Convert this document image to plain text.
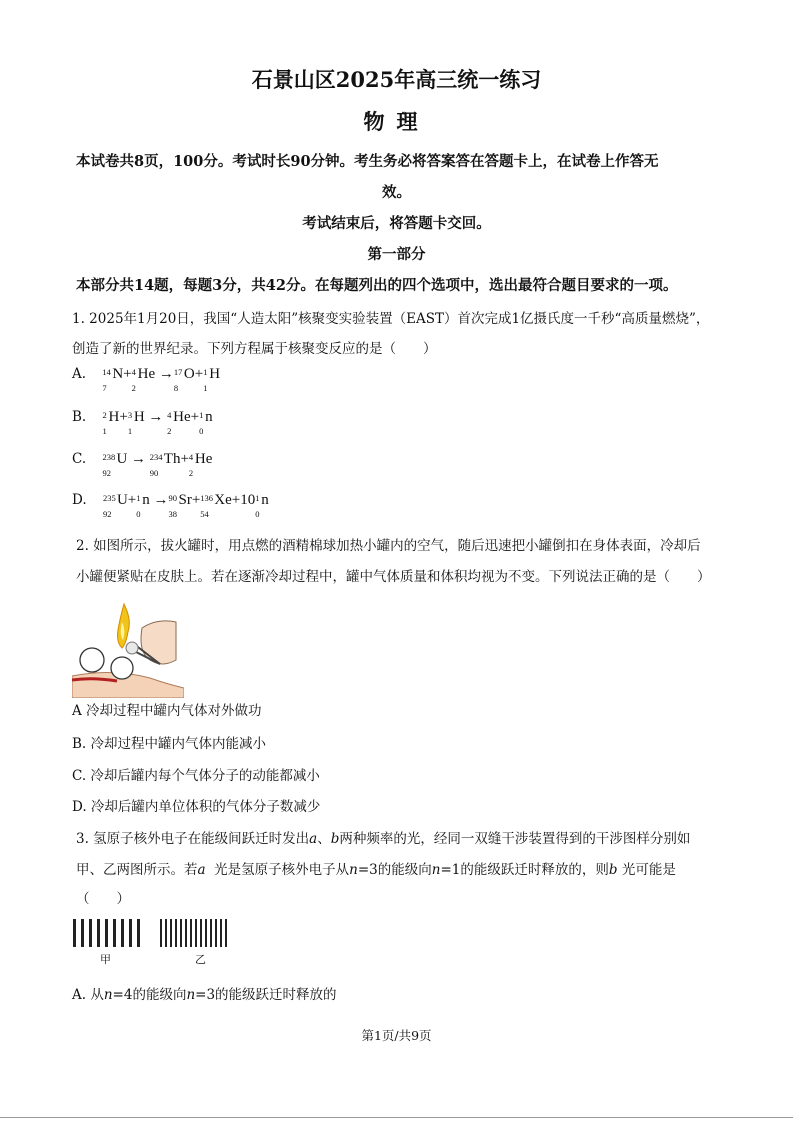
石景山区2025年高三统一练习
物理
本试卷共8页，100分。考试时长90分钟。考生务必将答案答在答题卡上，在试卷上作答无
效。
考试结束后，将答题卡交回。
第一部分
本部分共14题，每题3分，共42分。在每题列出的四个选项中，选出最符合题目要求的一项。
1. 2025年1月20日，我国“人造太阳”核聚变实验装置（EAST）首次完成1亿摄氏度一千秒“高质量燃烧”，
创造了新的世界纪录。下列方程属于核聚变反应的是（　　）
A. 14
7
N+ 4
2
He → 17
8
O+ 1
1
H
B. 2
1
H+ 3
1
H → 4
2
He+ 1
0
n
C. 238
92
U → 234
90
Th+ 4
2
He
D. 235
92
U+ 1
0
n → 90
38
Sr+ 136
54
Xe+10 1
0
n
2. 如图所示，拔火罐时，用点燃的酒精棉球加热小罐内的空气，随后迅速把小罐倒扣在身体表面，冷却后
小罐便紧贴在皮肤上。若在逐渐冷却过程中，罐中气体质量和体积均视为不变。下列说法正确的是（　　）
A 冷却过程中罐内气体对外做功
B. 冷却过程中罐内气体内能减小
C. 冷却后罐内每个气体分子的动能都减小
D. 冷却后罐内单位体积的气体分子数减少
3. 氢原子核外电子在能级间跃迁时发出a、b两种频率的光，经同一双缝干涉装置得到的干涉图样分别如
甲、乙两图所示。若a 光是氢原子核外电子从n=3的能级向n=1的能级跃迁时释放的，则b 光可能是
（　　）
甲	乙
A. 从n=4的能级向n=3的能级跃迁时释放的
第1页/共9页
